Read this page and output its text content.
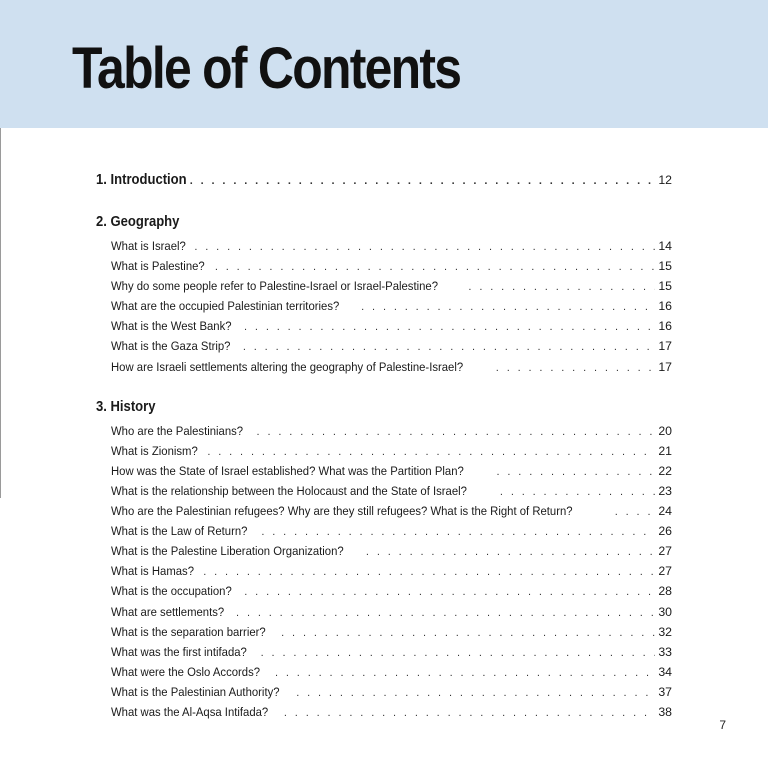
Table of Contents
1. Introduction . . .	12
2. Geography
What is Israel? . . .	14
What is Palestine? . . .	15
Why do some people refer to Palestine-Israel or Israel-Palestine? . . .	15
What are the occupied Palestinian territories? . . .	16
What is the West Bank? . . .	16
What is the Gaza Strip? . . .	17
How are Israeli settlements altering the geography of Palestine-Israel? . . .	17
3. History
Who are the Palestinians? . . .	20
What is Zionism? . . .	21
How was the State of Israel established? What was the Partition Plan? . . .	22
What is the relationship between the Holocaust and the State of Israel? . . .	23
Who are the Palestinian refugees? Why are they still refugees? What is the Right of Return? . . .	24
What is the Law of Return? . . .	26
What is the Palestine Liberation Organization? . . .	27
What is Hamas? . . .	27
What is the occupation? . . .	28
What are settlements? . . .	30
What is the separation barrier? . . .	32
What was the first intifada? . . .	33
What were the Oslo Accords? . . .	34
What is the Palestinian Authority? . . .	37
What was the Al-Aqsa Intifada? . . .	38
7
